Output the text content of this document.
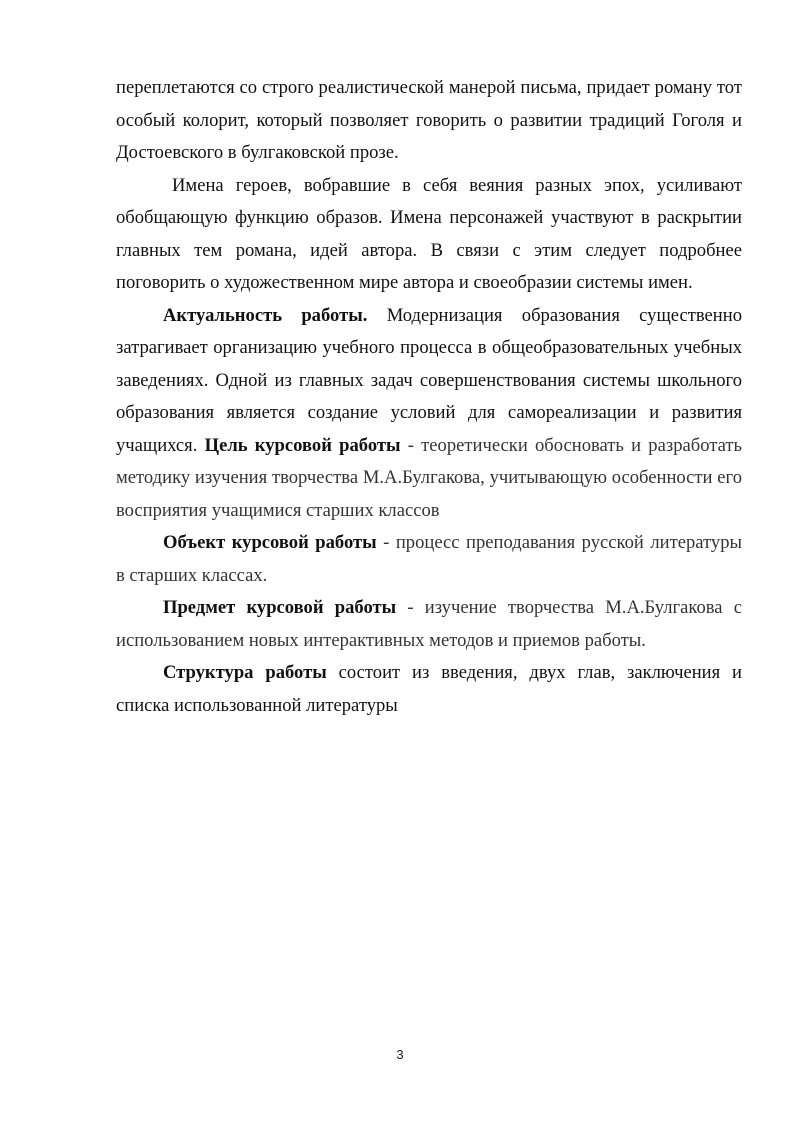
переплетаются со строго реалистической манерой письма, придает роману тот особый колорит, который позволяет говорить о развитии традиций Гоголя и Достоевского в булгаковской прозе.

Имена героев, вобравшие в себя веяния разных эпох, усиливают обобщающую функцию образов. Имена персонажей участвуют в раскрытии главных тем романа, идей автора. В связи с этим следует подробнее поговорить о художественном мире автора и своеобразии системы имен.

Актуальность работы. Модернизация образования существенно затрагивает организацию учебного процесса в общеобразовательных учебных заведениях. Одной из главных задач совершенствования системы школьного образования является создание условий для самореализации и развития учащихся. Цель курсовой работы - теоретически обосновать и разработать методику изучения творчества М.А.Булгакова, учитывающую особенности его восприятия учащимися старших классов

Объект курсовой работы - процесс преподавания русской литературы в старших классах.

Предмет курсовой работы - изучение творчества М.А.Булгакова с использованием новых интерактивных методов и приемов работы.

Структура работы состоит из введения, двух глав, заключения и списка использованной литературы

3
